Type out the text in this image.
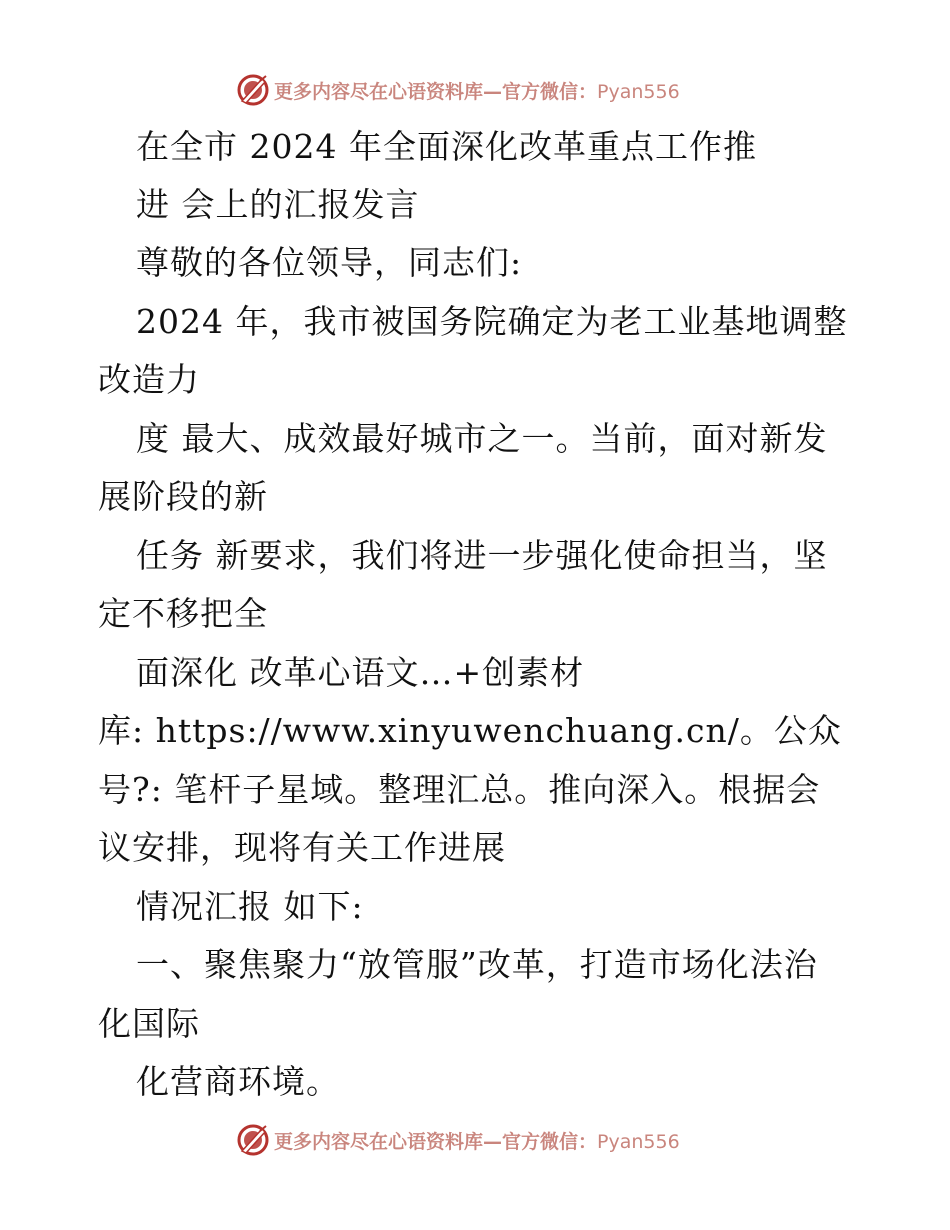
更多内容尽在心语资料库—官方微信：Pyan556
在全市 2024 年全面深化改革重点工作推
进 会上的汇报发言
尊敬的各位领导，同志们:
2024 年，我市被国务院确定为老工业基地调整
改造力
度 最大、成效最好城市之一。当前，面对新发
展阶段的新
任务 新要求，我们将进一步强化使命担当，坚
定不移把全
面深化 改革心语文…+创素材
库: https://www.xinyuwenchuang.cn/。公众
号?: 笔杆子星域。整理汇总。推向深入。根据会
议安排，现将有关工作进展
情况汇报 如下:
一、聚焦聚力“放管服”改革，打造市场化法治
化国际
化营商环境。
更多内容尽在心语资料库—官方微信：Pyan556
